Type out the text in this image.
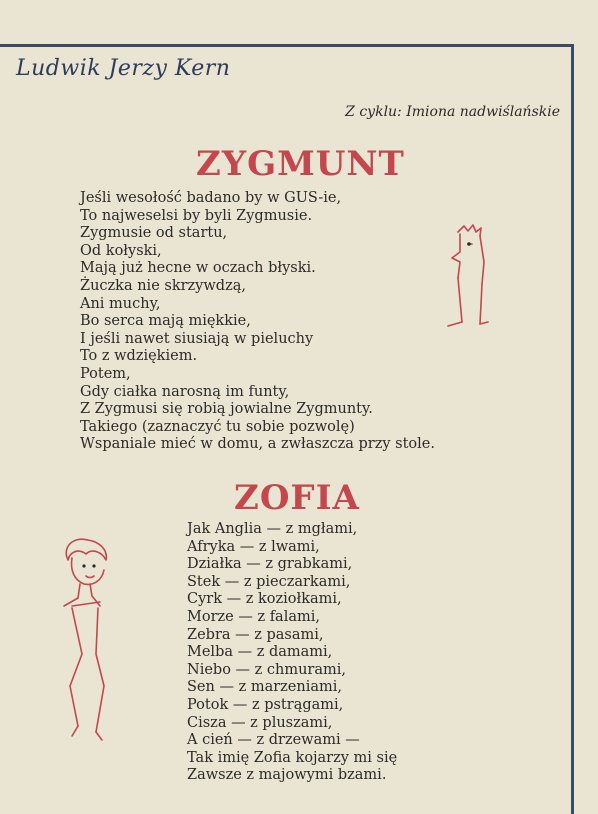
Ludwik Jerzy Kern
Z cyklu: Imiona nadwiślańskie
ZYGMUNT
Jeśli wesołość badano by w GUS-ie,
To najweselsi by byli Zygmusie.
Zygmusie od startu,
Od kołyski,
Mają już hecne w oczach błyski.
Żuczka nie skrzywdzą,
Ani muchy,
Bo serca mają miękkie,
I jeśli nawet siusiają w pieluchy
To z wdziękiem.
Potem,
Gdy ciałka narosną im funty,
Z Zygmusi się robią jowialne Zygmunty.
Takiego (zaznaczyć tu sobie pozwolę)
Wspaniale mieć w domu, a zwłaszcza przy stole.
ZOFIA
Jak Anglia — z mgłami,
Afryka — z lwami,
Działka — z grabkami,
Stek — z pieczarkami,
Cyrk — z koziołkami,
Morze — z falami,
Zebra — z pasami,
Melba — z damami,
Niebo — z chmurami,
Sen — z marzeniami,
Potok — z pstrągami,
Cisza — z pluszami,
A cień — z drzewami —
Tak imię Zofia kojarzy mi się
Zawsze z majowymi bzami.
